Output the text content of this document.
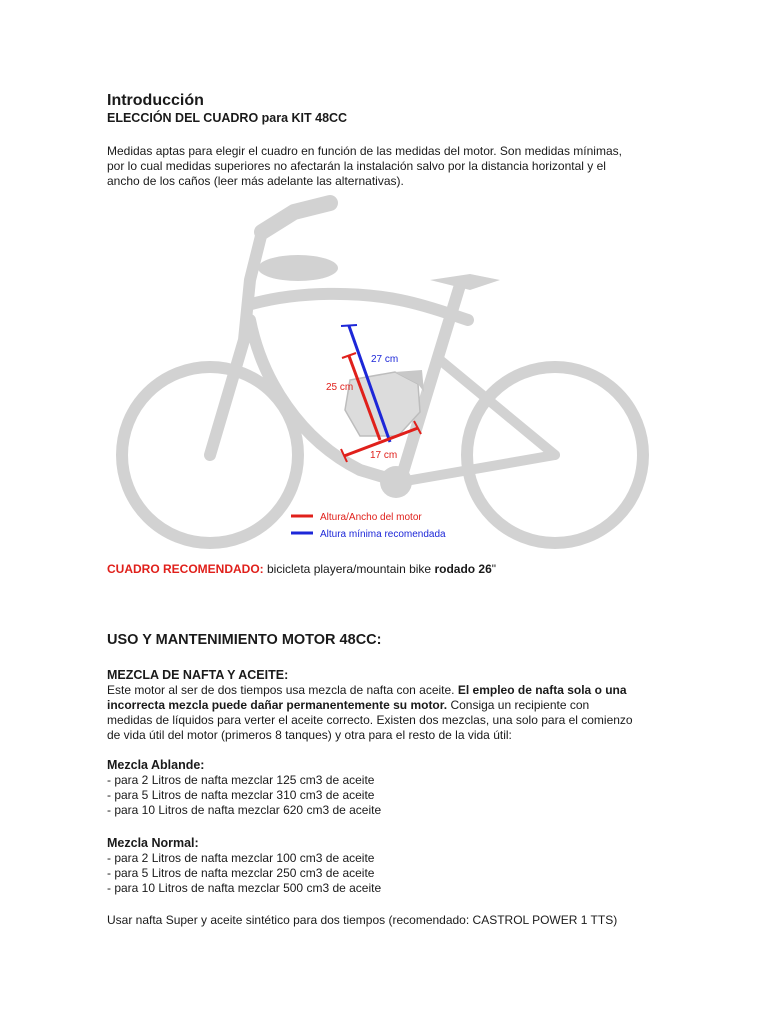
Introducción
ELECCIÓN DEL CUADRO para KIT 48CC
Medidas aptas para elegir el cuadro en función de las medidas del motor. Son medidas mínimas,
por lo cual medidas superiores no afectarán la instalación salvo por la distancia horizontal y el
ancho de los caños (leer más adelante las alternativas).
27 cm
25 cm
17 cm
Altura/Ancho del motor
Altura mínima recomendada
CUADRO RECOMENDADO: bicicleta playera/mountain bike rodado 26"
USO Y MANTENIMIENTO MOTOR 48CC:
MEZCLA DE NAFTA Y ACEITE:
Este motor al ser de dos tiempos usa mezcla de nafta con aceite. El empleo de nafta sola o una
incorrecta mezcla puede dañar permanentemente su motor. Consiga un recipiente con
medidas de líquidos para verter el aceite correcto. Existen dos mezclas, una solo para el comienzo
de vida útil del motor (primeros 8 tanques) y otra para el resto de la vida útil:
Mezcla Ablande:
- para 2 Litros de nafta mezclar 125 cm3 de aceite
- para 5 Litros de nafta mezclar 310 cm3 de aceite
- para 10 Litros de nafta mezclar 620 cm3 de aceite
Mezcla Normal:
- para 2 Litros de nafta mezclar 100 cm3 de aceite
- para 5 Litros de nafta mezclar 250 cm3 de aceite
- para 10 Litros de nafta mezclar 500 cm3 de aceite
Usar nafta Super y aceite sintético para dos tiempos (recomendado: CASTROL POWER 1 TTS)
